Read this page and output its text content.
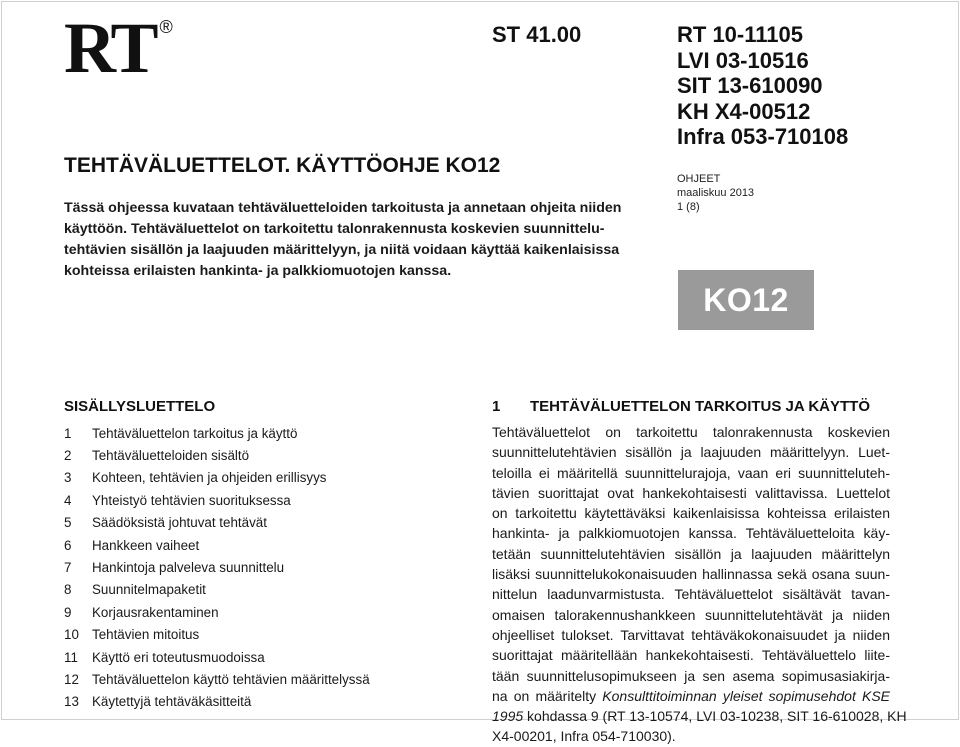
RT ®	ST 41.00	RT 10-11105
LVI 03-10516
SIT 13-610090
KH X4-00512
Infra 053-710108
TEHTÄVÄLUETTELOT. KÄYTTÖOHJE KO12
Tässä ohjeessa kuvataan tehtäväluetteloiden tarkoitusta ja annetaan ohjeita niiden käyttöön. Tehtäväluettelot on tarkoitettu talonrakennusta koskevien suunnittelu-tehtävien sisällön ja laajuuden määrittelyyn, ja niitä voidaan käyttää kaikenlaisissa kohteissa erilaisten hankinta- ja palkkiomuotojen kanssa.
OHJEET
maaliskuu 2013
1 (8)
KO12
SISÄLLYSLUETTELO
1	Tehtäväluettelon tarkoitus ja käyttö
2	Tehtäväluetteloiden sisältö
3	Kohteen, tehtävien ja ohjeiden erillisyys
4	Yhteistyö tehtävien suorituksessa
5	Säädöksistä johtuvat tehtävät
6	Hankkeen vaiheet
7	Hankintoja palveleva suunnittelu
8	Suunnitelmapaketit
9	Korjausrakentaminen
10 Tehtävien mitoitus
11	Käyttö eri toteutusmuodoissa
12 Tehtäväluettelon käyttö tehtävien määrittelyssä
13 Käytettyjä tehtäväkäsitteitä
1 TEHTÄVÄLUETTELON TARKOITUS JA KÄYTTÖ

Tehtäväluettelot on tarkoitettu talonrakennusta koskevien
suunnittelutehtävien sisällön ja laajuuden määrittelyyn. Luet-
teloilla ei määritellä suunnittelurajoja, vaan eri suunnitteluteh-
tävien suorittajat ovat hankekohtaisesti valittavissa. Luettelot
on tarkoitettu käytettäväksi kaikenlaisissa kohteissa erilaisten
hankinta- ja palkkiomuotojen kanssa. Tehtäväluetteloita käy-
tetään suunnittelutehtävien sisällön ja laajuuden määrittelyn
lisäksi suunnittelukokonaisuuden hallinnassa sekä osana suun-
nittelun laadunvarmistusta. Tehtäväluettelot sisältävät tavan-
omaisen talorakennushankkeen suunnittelutehtävät ja niiden
ohjeelliset tulokset. Tarvittavat tehtäväkokonaisuudet ja niiden
suorittajat määritellään hankekohtaisesti. Tehtäväluettelo liite-
tään suunnittelusopimukseen ja sen asema sopimusasiakirja-
na on määritelty Konsulttitoiminnan yleiset sopimusehdot KSE
1995 kohdassa 9 (RT 13-10574, LVI 03-10238, SIT 16-610028, KH
X4-00201, Infra 054-710030).
